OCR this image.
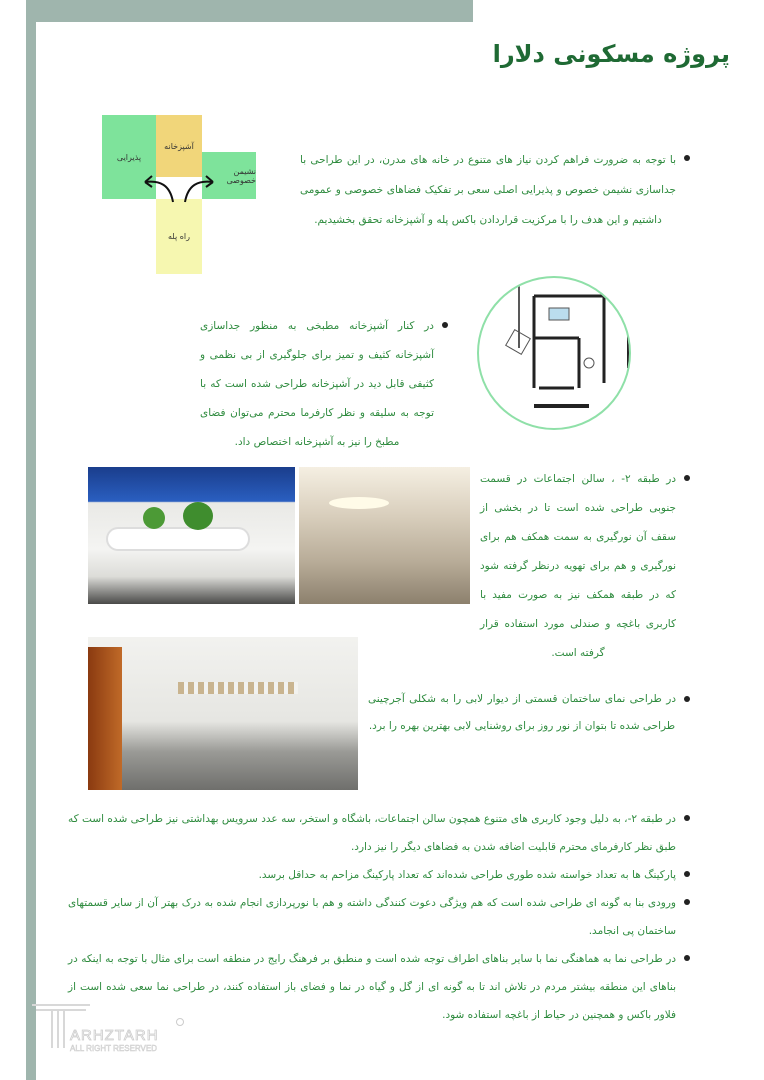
پروژه مسکونی دلارا
پذیرایی
آشپزخانه
نشیمن خصوصی
راه پله

با توجه به ضرورت فراهم کردن نیاز های متنوع در خانه های مدرن، در این طراحی با جداسازی نشیمن خصوص و پذیرایی اصلی سعی بر تفکیک فضاهای خصوصی و عمومی داشتیم و این هدف را با مرکزیت قراردادن باکس پله و آشپزخانه تحقق بخشیدیم.

در کنار آشپزخانه مطبخی به منظور جداسازی آشپزخانه کثیف و تمیز برای جلوگیری از بی نظمی و کثیفی قابل دید در آشپزخانه طراحی شده است که با توجه به سلیقه و نظر کارفرما محترم می‌توان فضای مطبخ را نیز به آشپزخانه اختصاص داد.

در طبقه ۲- ، سالن اجتماعات در قسمت جنوبی طراحی شده است تا در بخشی از سقف آن نورگیری به سمت همکف هم برای نورگیری و هم برای تهویه درنظر گرفته شود که در طبقه همکف نیز به صورت مفید با کاربری باغچه و صندلی مورد استفاده قرار گرفته است.

در طراحی نمای ساختمان قسمتی از دیوار لابی را به شکلی آجرچینی طراحی شده تا بتوان از نور روز برای روشنایی لابی بهترین بهره را برد.

در طبقه ۲-، به دلیل وجود کاربری های متنوع همچون سالن اجتماعات، باشگاه و استخر، سه عدد سرویس بهداشتی نیز طراحی شده است که طبق نظر کارفرمای محترم قابلیت اضافه شدن به فضاهای دیگر را نیز دارد.

پارکینگ ها به تعداد خواسته شده طوری طراحی شده‌اند که تعداد پارکینگ مزاحم به حداقل برسد.

ورودی بنا به گونه ای طراحی شده است که هم ویژگی دعوت کنندگی داشته و هم با نورپردازی انجام شده به درک بهتر آن از سایر قسمتهای ساختمان پی انجامد.

در طراحی نما به هماهنگی نما با سایر بناهای اطراف توجه شده است و منطبق بر فرهنگ رایج در منطقه است برای مثال با توجه به اینکه در بناهای این منطقه بیشتر مردم در تلاش اند تا به گونه ای از گل و گیاه در نما و فضای باز استفاده کنند، در طراحی نما سعی شده است از فلاور باکس و همچنین در حیاط از باغچه استفاده شود.

ARHZTARH
ALL RIGHT RESERVED
